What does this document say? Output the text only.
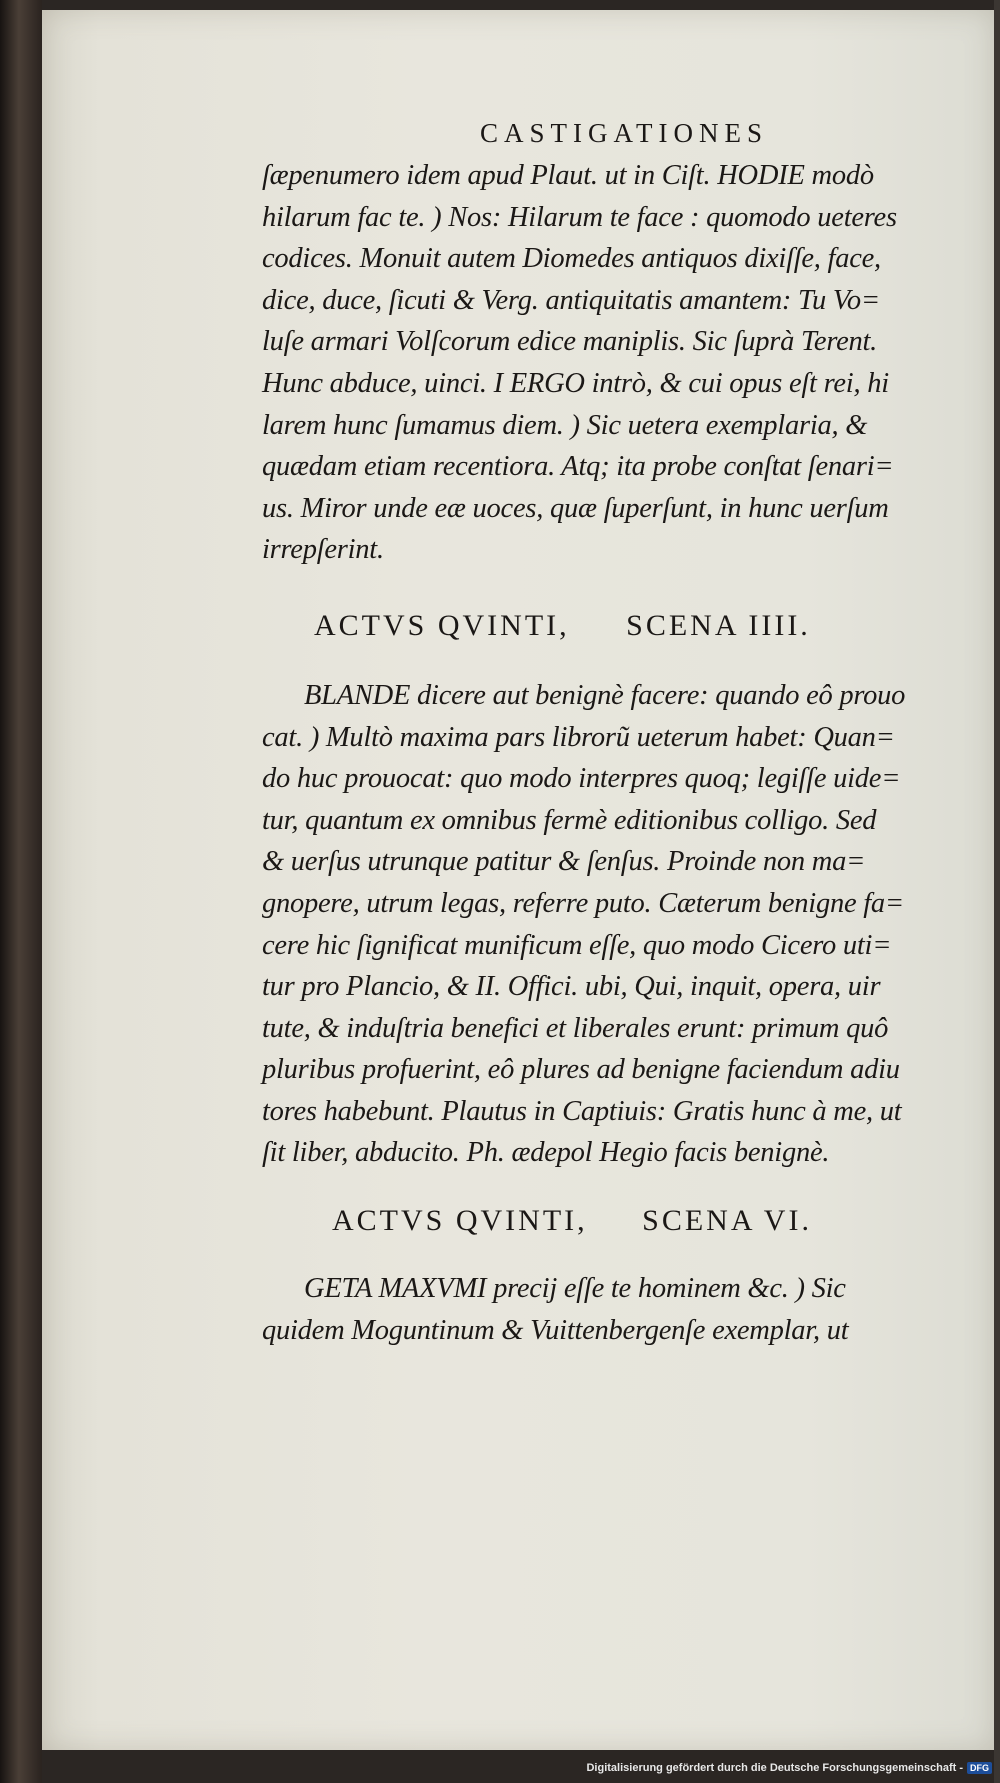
CASTIGATIONES
ſæpenumero idem apud Plaut. ut in Ciſt. HODIE modò
hilarum fac te. ) Nos: Hilarum te face : quomodo ueteres
codices. Monuit autem Diomedes antiquos dixiſſe, face,
dice, duce, ſicuti & Verg. antiquitatis amantem: Tu Vo=
luſe armari Volſcorum edice maniplis. Sic ſuprà Terent.
Hunc abduce, uinci. I ERGO intrò, & cui opus eſt rei, hi
larem hunc ſumamus diem. ) Sic uetera exemplaria, &
quædam etiam recentiora. Atq; ita probe conſtat ſenari=
us. Miror unde eæ uoces, quæ ſuperſunt, in hunc uerſum
irrepſerint.
ACTVS QVINTI, SCENA IIII.
BLANDE dicere aut benignè facere: quando eô prouo
cat. ) Multò maxima pars librorũ ueterum habet: Quan=
do huc prouocat: quo modo interpres quoq; legiſſe uide=
tur, quantum ex omnibus fermè editionibus colligo. Sed
& uerſus utrunque patitur & ſenſus. Proinde non ma=
gnopere, utrum legas, referre puto. Cæterum benigne fa=
cere hic ſignificat munificum eſſe, quo modo Cicero uti=
tur pro Plancio, & II. Offici. ubi, Qui, inquit, opera, uir
tute, & induſtria benefici et liberales erunt: primum quô
pluribus profuerint, eô plures ad benigne faciendum adiu
tores habebunt. Plautus in Captiuis: Gratis hunc à me, ut
ſit liber, abducito. Ph. ædepol Hegio facis benignè.
ACTVS QVINTI, SCENA VI.
GETA MAXVMI precij eſſe te hominem &c. ) Sic
quidem Moguntinum & Vuittenbergenſe exemplar, ut
Digitalisierung gefördert durch die Deutsche Forschungsgemeinschaft - DFG
